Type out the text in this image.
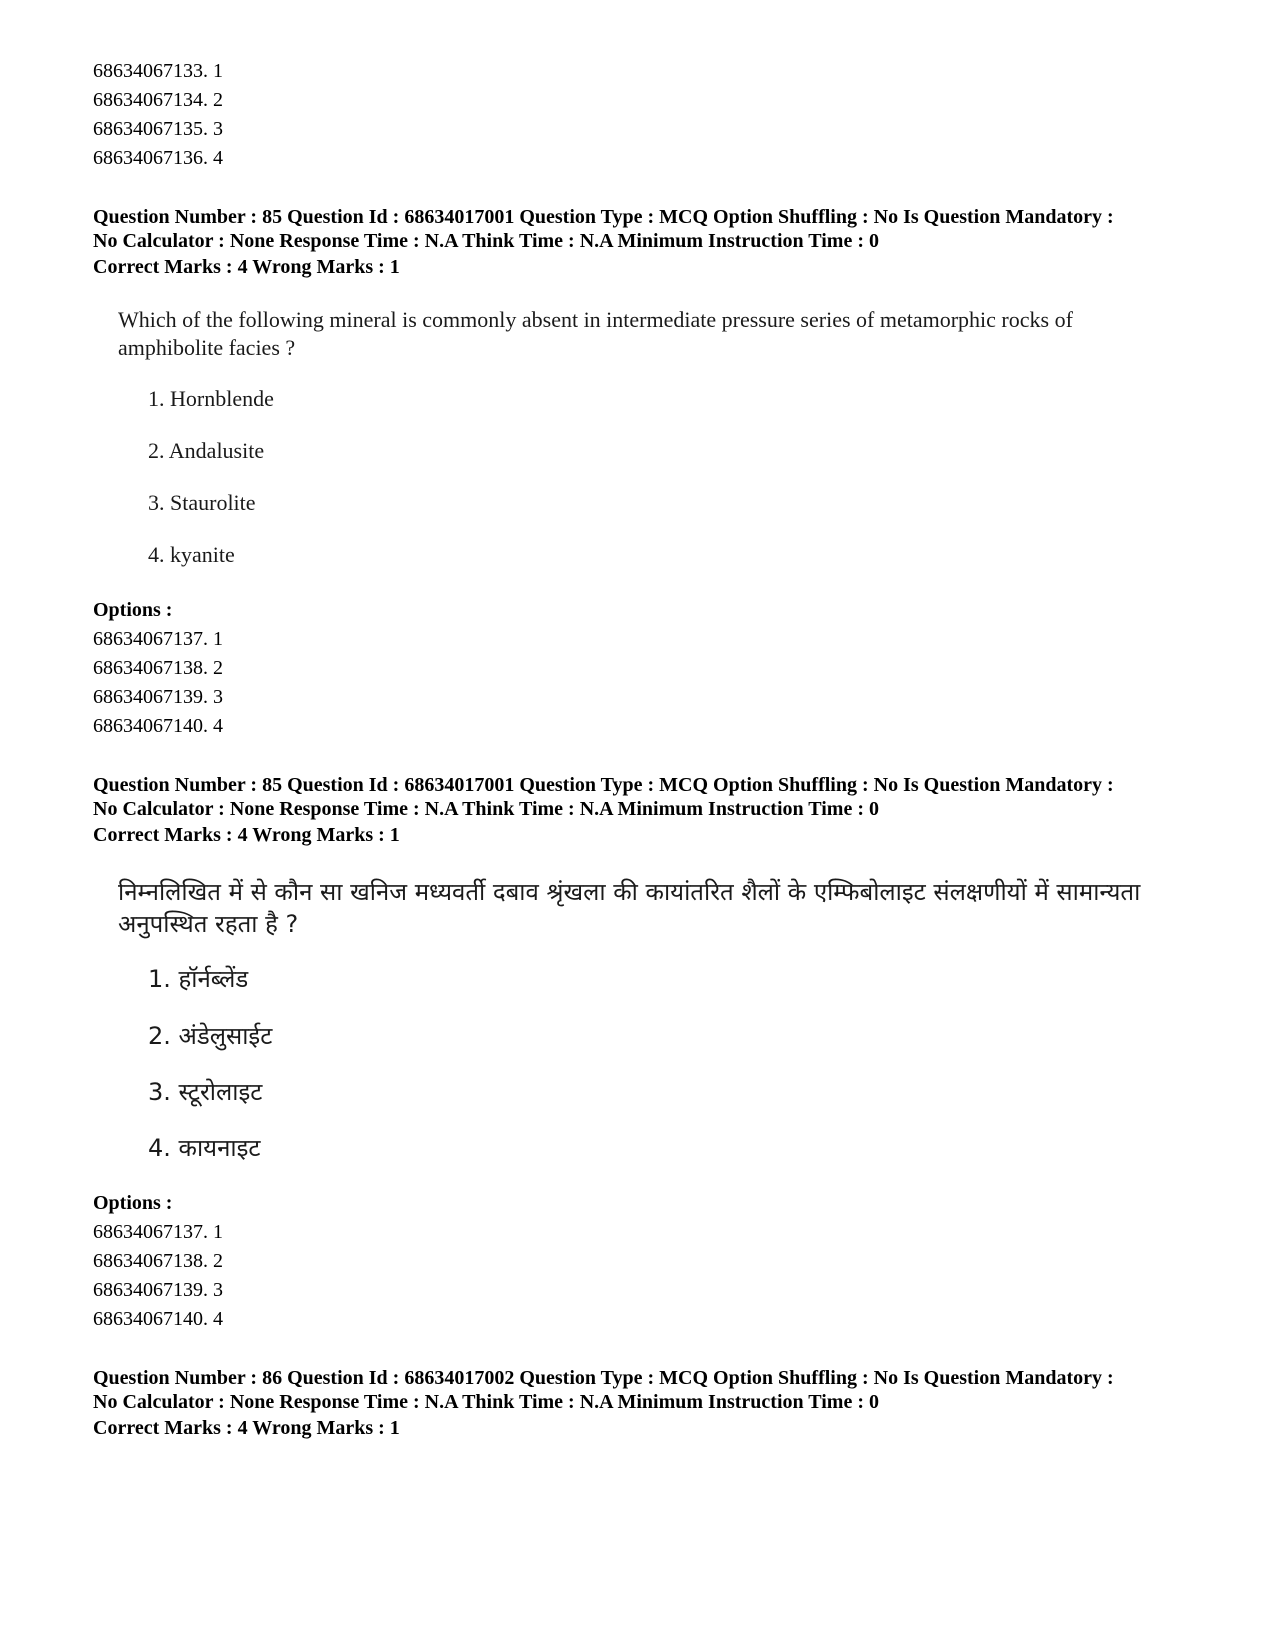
68634067133. 1
68634067134. 2
68634067135. 3
68634067136. 4
Question Number : 85 Question Id : 68634017001 Question Type : MCQ Option Shuffling : No Is Question Mandatory :
No Calculator : None Response Time : N.A Think Time : N.A Minimum Instruction Time : 0
Correct Marks : 4 Wrong Marks : 1
Which of the following mineral is commonly absent in intermediate pressure series of metamorphic rocks of amphibolite facies ?
1. Hornblende
2. Andalusite
3. Staurolite
4. kyanite
Options :
68634067137. 1
68634067138. 2
68634067139. 3
68634067140. 4
Question Number : 85 Question Id : 68634017001 Question Type : MCQ Option Shuffling : No Is Question Mandatory :
No Calculator : None Response Time : N.A Think Time : N.A Minimum Instruction Time : 0
Correct Marks : 4 Wrong Marks : 1
निम्नलिखित में से कौन सा खनिज मध्यवर्ती दबाव श्रृंखला की कायांतरित शैलों के एम्फिबोलाइट संलक्षणीयों में सामान्यता अनुपस्थित रहता है ?
1. हॉर्नब्लेंड
2. अंडेलुसाईट
3. स्टूरोलाइट
4. कायनाइट
Options :
68634067137. 1
68634067138. 2
68634067139. 3
68634067140. 4
Question Number : 86 Question Id : 68634017002 Question Type : MCQ Option Shuffling : No Is Question Mandatory :
No Calculator : None Response Time : N.A Think Time : N.A Minimum Instruction Time : 0
Correct Marks : 4 Wrong Marks : 1
